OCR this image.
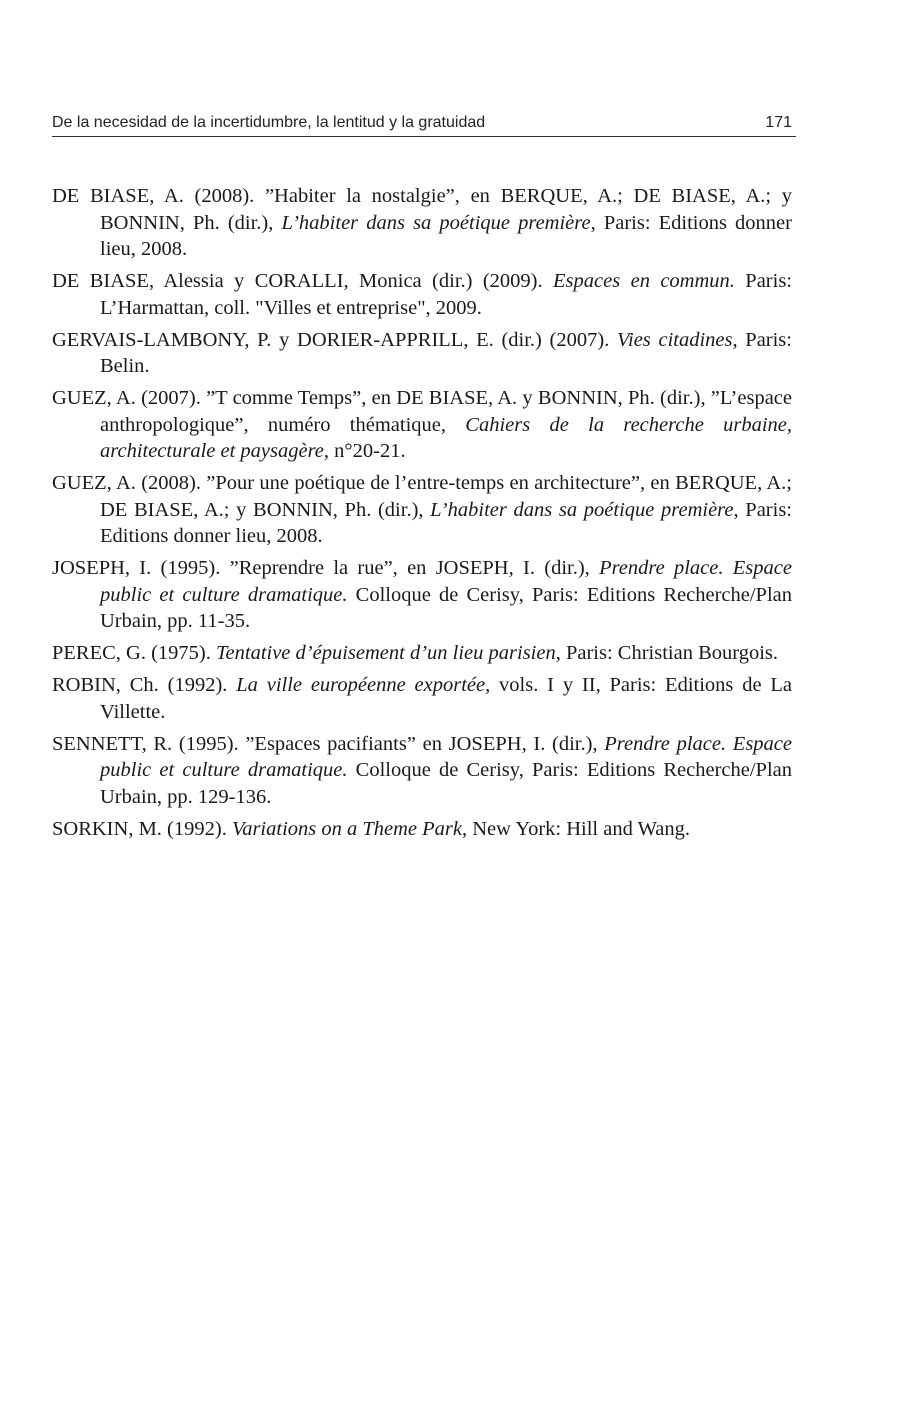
De la necesidad de la incertidumbre, la lentitud y la gratuidad	171
DE BIASE, A. (2008). ”Habiter la nostalgie”, en BERQUE, A.; DE BIASE, A.; y BONNIN, Ph. (dir.), L’habiter dans sa poétique première, Paris: Editions donner lieu, 2008.
DE BIASE, Alessia y CORALLI, Monica (dir.) (2009). Espaces en commun. Paris: L’Harmattan, coll. "Villes et entreprise", 2009.
GERVAIS-LAMBONY, P. y DORIER-APPRILL, E. (dir.) (2007). Vies citadines, Paris: Belin.
GUEZ, A. (2007). ”T comme Temps”, en DE BIASE, A. y BONNIN, Ph. (dir.), ”L’espace anthropologique”, numéro thématique, Cahiers de la recherche urbaine, architecturale et paysagère, n°20-21.
GUEZ, A. (2008). ”Pour une poétique de l’entre-temps en architecture”, en BERQUE, A.; DE BIASE, A.; y BONNIN, Ph. (dir.), L’habiter dans sa poétique première, Paris: Editions donner lieu, 2008.
JOSEPH, I. (1995). ”Reprendre la rue”, en JOSEPH, I. (dir.), Prendre place. Espace public et culture dramatique. Colloque de Cerisy, Paris: Editions Recherche/Plan Urbain, pp. 11-35.
PEREC, G. (1975). Tentative d’épuisement d’un lieu parisien, Paris: Christian Bourgois.
ROBIN, Ch. (1992). La ville européenne exportée, vols. I y II, Paris: Editions de La Villette.
SENNETT, R. (1995). ”Espaces pacifiants” en JOSEPH, I. (dir.), Prendre place. Espace public et culture dramatique. Colloque de Cerisy, Paris: Editions Recherche/Plan Urbain, pp. 129-136.
SORKIN, M. (1992). Variations on a Theme Park, New York: Hill and Wang.
